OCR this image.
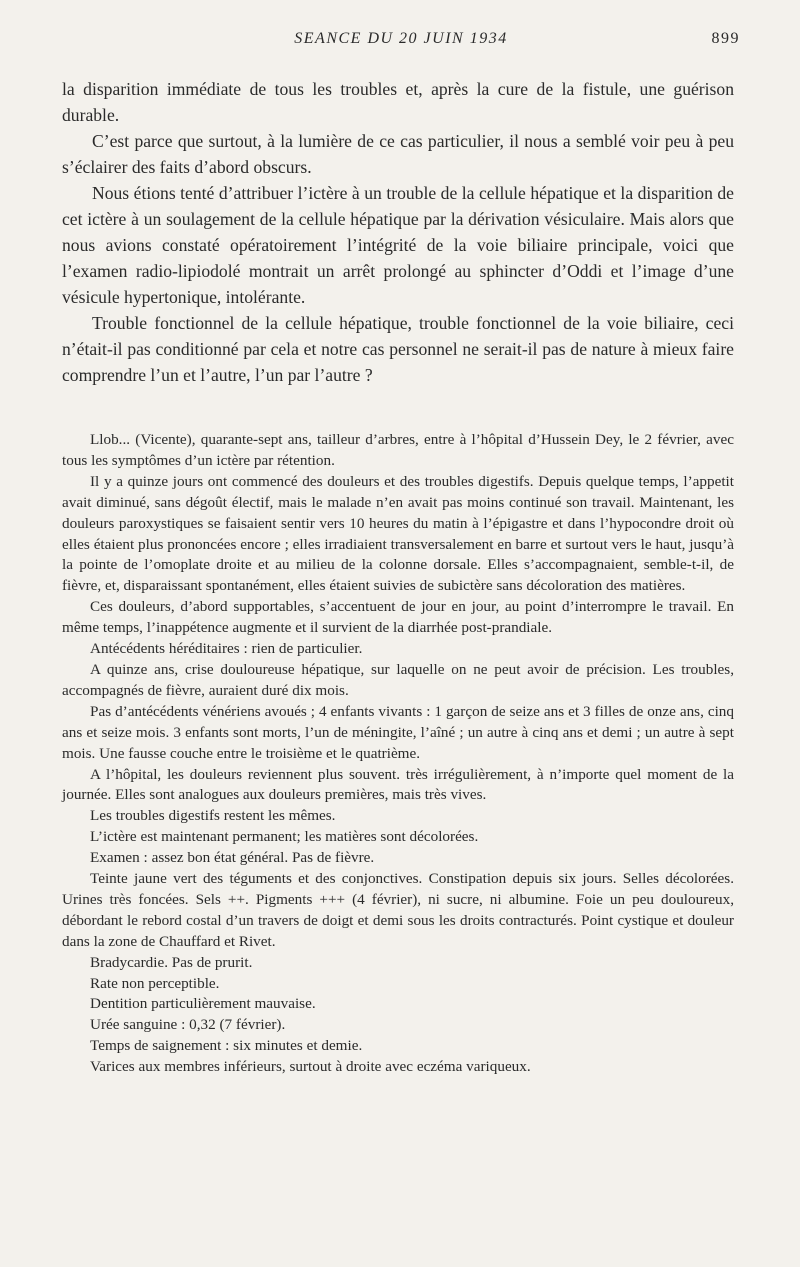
SEANCE DU 20 JUIN 1934	899

la disparition immédiate de tous les troubles et, après la cure de la fistule, une guérison durable.

C’est parce que surtout, à la lumière de ce cas particulier, il nous a semblé voir peu à peu s’éclairer des faits d’abord obscurs.

Nous étions tenté d’attribuer l’ictère à un trouble de la cellule hépatique et la disparition de cet ictère à un soulagement de la cellule hépatique par la dérivation vésiculaire. Mais alors que nous avions constaté opératoirement l’intégrité de la voie biliaire principale, voici que l’examen radio-lipiodolé montrait un arrêt prolongé au sphincter d’Oddi et l’image d’une vésicule hypertonique, intolérante.

Trouble fonctionnel de la cellule hépatique, trouble fonctionnel de la voie biliaire, ceci n’était-il pas conditionné par cela et notre cas personnel ne serait-il pas de nature à mieux faire comprendre l’un et l’autre, l’un par l’autre ?

Llob... (Vicente), quarante-sept ans, tailleur d’arbres, entre à l’hôpital d’Hussein Dey, le 2 février, avec tous les symptômes d’un ictère par rétention.

Il y a quinze jours ont commencé des douleurs et des troubles digestifs. Depuis quelque temps, l’appetit avait diminué, sans dégoût électif, mais le malade n’en avait pas moins continué son travail. Maintenant, les douleurs paroxystiques se faisaient sentir vers 10 heures du matin à l’épigastre et dans l’hypocondre droit où elles étaient plus prononcées encore ; elles irradiaient transversalement en barre et surtout vers le haut, jusqu’à la pointe de l’omoplate droite et au milieu de la colonne dorsale. Elles s’accompagnaient, semble-t-il, de fièvre, et, disparaissant spontanément, elles étaient suivies de subictère sans décoloration des matières.

Ces douleurs, d’abord supportables, s’accentuent de jour en jour, au point d’interrompre le travail. En même temps, l’inappétence augmente et il survient de la diarrhée post-prandiale.

Antécédents héréditaires : rien de particulier.

A quinze ans, crise douloureuse hépatique, sur laquelle on ne peut avoir de précision. Les troubles, accompagnés de fièvre, auraient duré dix mois.

Pas d’antécédents vénériens avoués ; 4 enfants vivants : 1 garçon de seize ans et 3 filles de onze ans, cinq ans et seize mois. 3 enfants sont morts, l’un de méningite, l’aîné ; un autre à cinq ans et demi ; un autre à sept mois. Une fausse couche entre le troisième et le quatrième.

A l’hôpital, les douleurs reviennent plus souvent. très irrégulièrement, à n’importe quel moment de la journée. Elles sont analogues aux douleurs premières, mais très vives.

Les troubles digestifs restent les mêmes.

L’ictère est maintenant permanent; les matières sont décolorées.

Examen : assez bon état général. Pas de fièvre.

Teinte jaune vert des téguments et des conjonctives. Constipation depuis six jours. Selles décolorées. Urines très foncées. Sels ++. Pigments +++ (4 février), ni sucre, ni albumine. Foie un peu douloureux, débordant le rebord costal d’un travers de doigt et demi sous les droits contracturés. Point cystique et douleur dans la zone de Chauffard et Rivet.

Bradycardie. Pas de prurit.

Rate non perceptible.

Dentition particulièrement mauvaise.

Urée sanguine : 0,32 (7 février).

Temps de saignement : six minutes et demie.

Varices aux membres inférieurs, surtout à droite avec eczéma variqueux.
